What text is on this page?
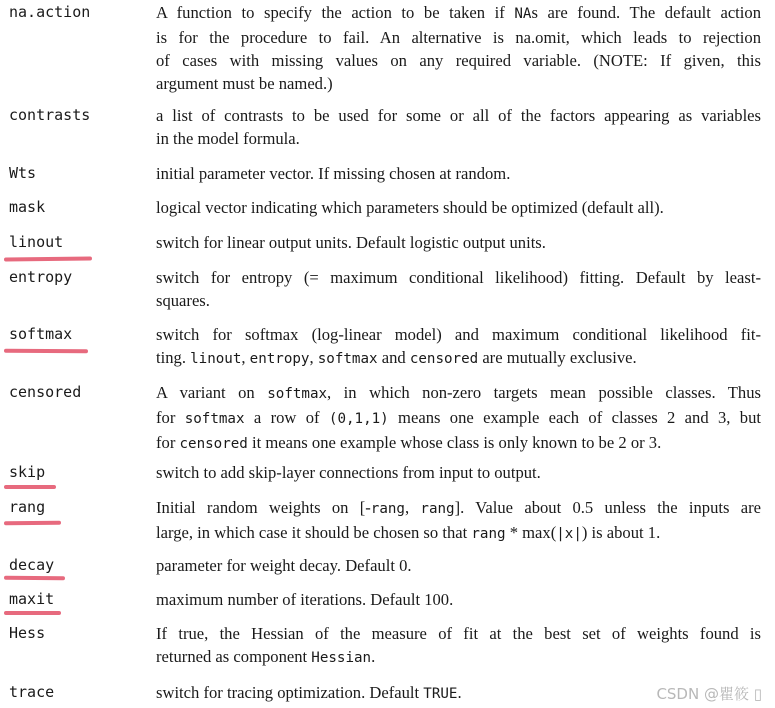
na.action	A function to specify the action to be taken if NAs are found. The default action
is for the procedure to fail. An alternative is na.omit, which leads to rejection
of cases with missing values on any required variable. (NOTE: If given, this
argument must be named.)
contrasts	a list of contrasts to be used for some or all of the factors appearing as variables
in the model formula.
Wts	initial parameter vector. If missing chosen at random.
mask	logical vector indicating which parameters should be optimized (default all).
linout	switch for linear output units. Default logistic output units.
entropy	switch for entropy (= maximum conditional likelihood) fitting. Default by least-
squares.
softmax	switch for softmax (log-linear model) and maximum conditional likelihood fit-
ting. linout, entropy, softmax and censored are mutually exclusive.
censored	A variant on softmax, in which non-zero targets mean possible classes. Thus
for softmax a row of (0,1,1) means one example each of classes 2 and 3, but
for censored it means one example whose class is only known to be 2 or 3.
skip	switch to add skip-layer connections from input to output.
rang	Initial random weights on [-rang, rang]. Value about 0.5 unless the inputs are
large, in which case it should be chosen so that rang * max(|x|) is about 1.
decay	parameter for weight decay. Default 0.
maxit	maximum number of iterations. Default 100.
Hess	If true, the Hessian of the measure of fit at the best set of weights found is
returned as component Hessian.
trace	switch for tracing optimization. Default TRUE.	CSDN @瞿筱 ▯
